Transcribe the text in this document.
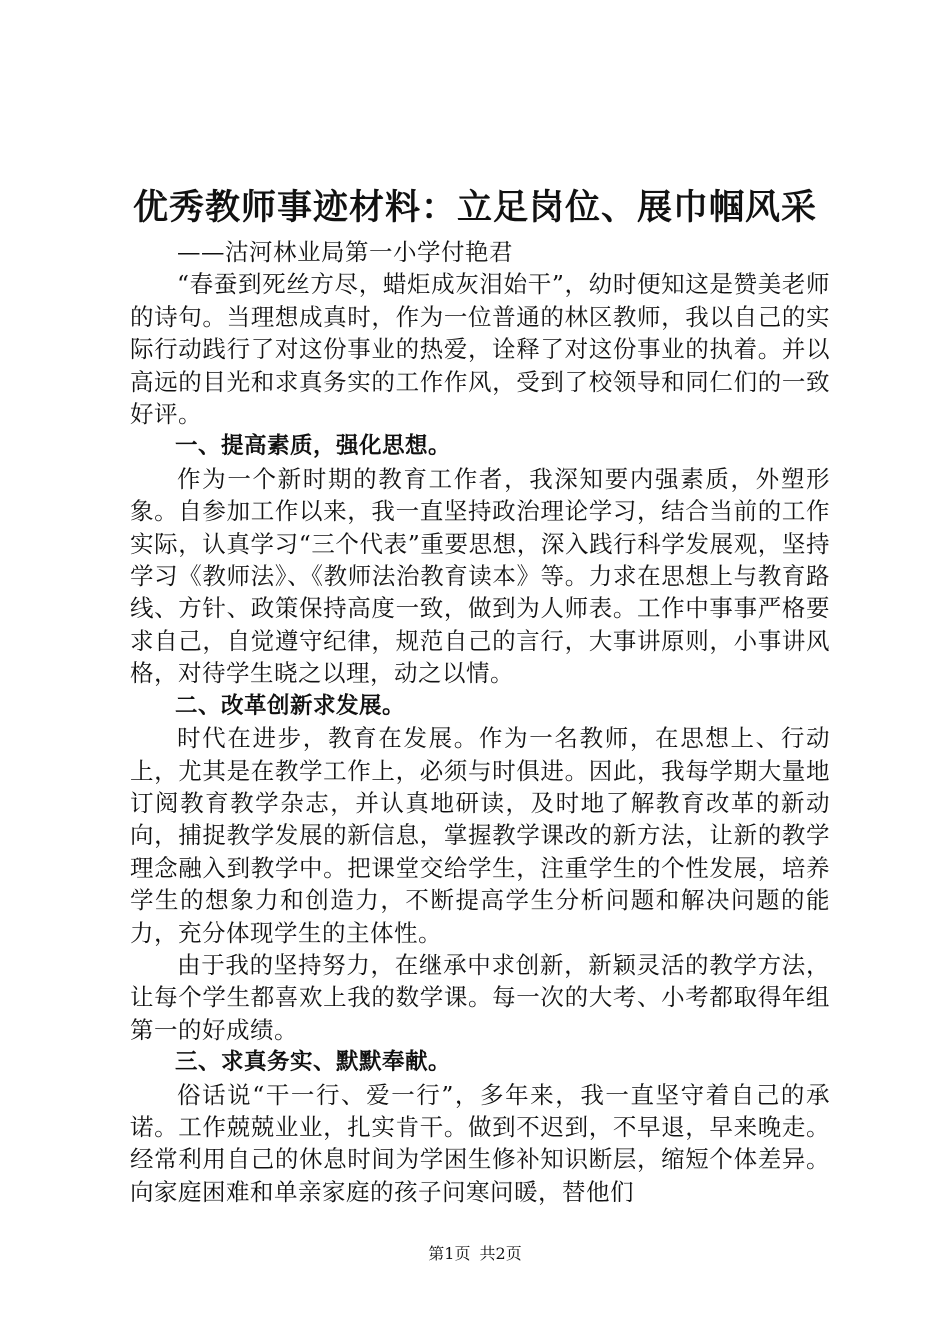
优秀教师事迹材料：立足岗位、展巾帼风采

——沽河林业局第一小学付艳君

“春蚕到死丝方尽，蜡炬成灰泪始干”，幼时便知这是赞美老师的诗句。当理想成真时，作为一位普通的林区教师，我以自己的实际行动践行了对这份事业的热爱，诠释了对这份事业的执着。并以高远的目光和求真务实的工作作风，受到了校领导和同仁们的一致好评。

一、提高素质，强化思想。

作为一个新时期的教育工作者，我深知要内强素质，外塑形象。自参加工作以来，我一直坚持政治理论学习，结合当前的工作实际，认真学习“三个代表”重要思想，深入践行科学发展观，坚持学习《教师法》、《教师法治教育读本》等。力求在思想上与教育路线、方针、政策保持高度一致，做到为人师表。工作中事事严格要求自己，自觉遵守纪律，规范自己的言行，大事讲原则，小事讲风格，对待学生晓之以理，动之以情。

二、改革创新求发展。

时代在进步，教育在发展。作为一名教师，在思想上、行动上，尤其是在教学工作上，必须与时俱进。因此，我每学期大量地订阅教育教学杂志，并认真地研读，及时地了解教育改革的新动向，捕捉教学发展的新信息，掌握教学课改的新方法，让新的教学理念融入到教学中。把课堂交给学生，注重学生的个性发展，培养学生的想象力和创造力，不断提高学生分析问题和解决问题的能力，充分体现学生的主体性。

由于我的坚持努力，在继承中求创新，新颖灵活的教学方法，让每个学生都喜欢上我的数学课。每一次的大考、小考都取得年组第一的好成绩。

三、求真务实、默默奉献。

俗话说“干一行、爱一行”，多年来，我一直坚守着自己的承诺。工作兢兢业业，扎实肯干。做到不迟到，不早退，早来晚走。经常利用自己的休息时间为学困生修补知识断层，缩短个体差异。向家庭困难和单亲家庭的孩子问寒问暖，替他们

第1页 共2页
